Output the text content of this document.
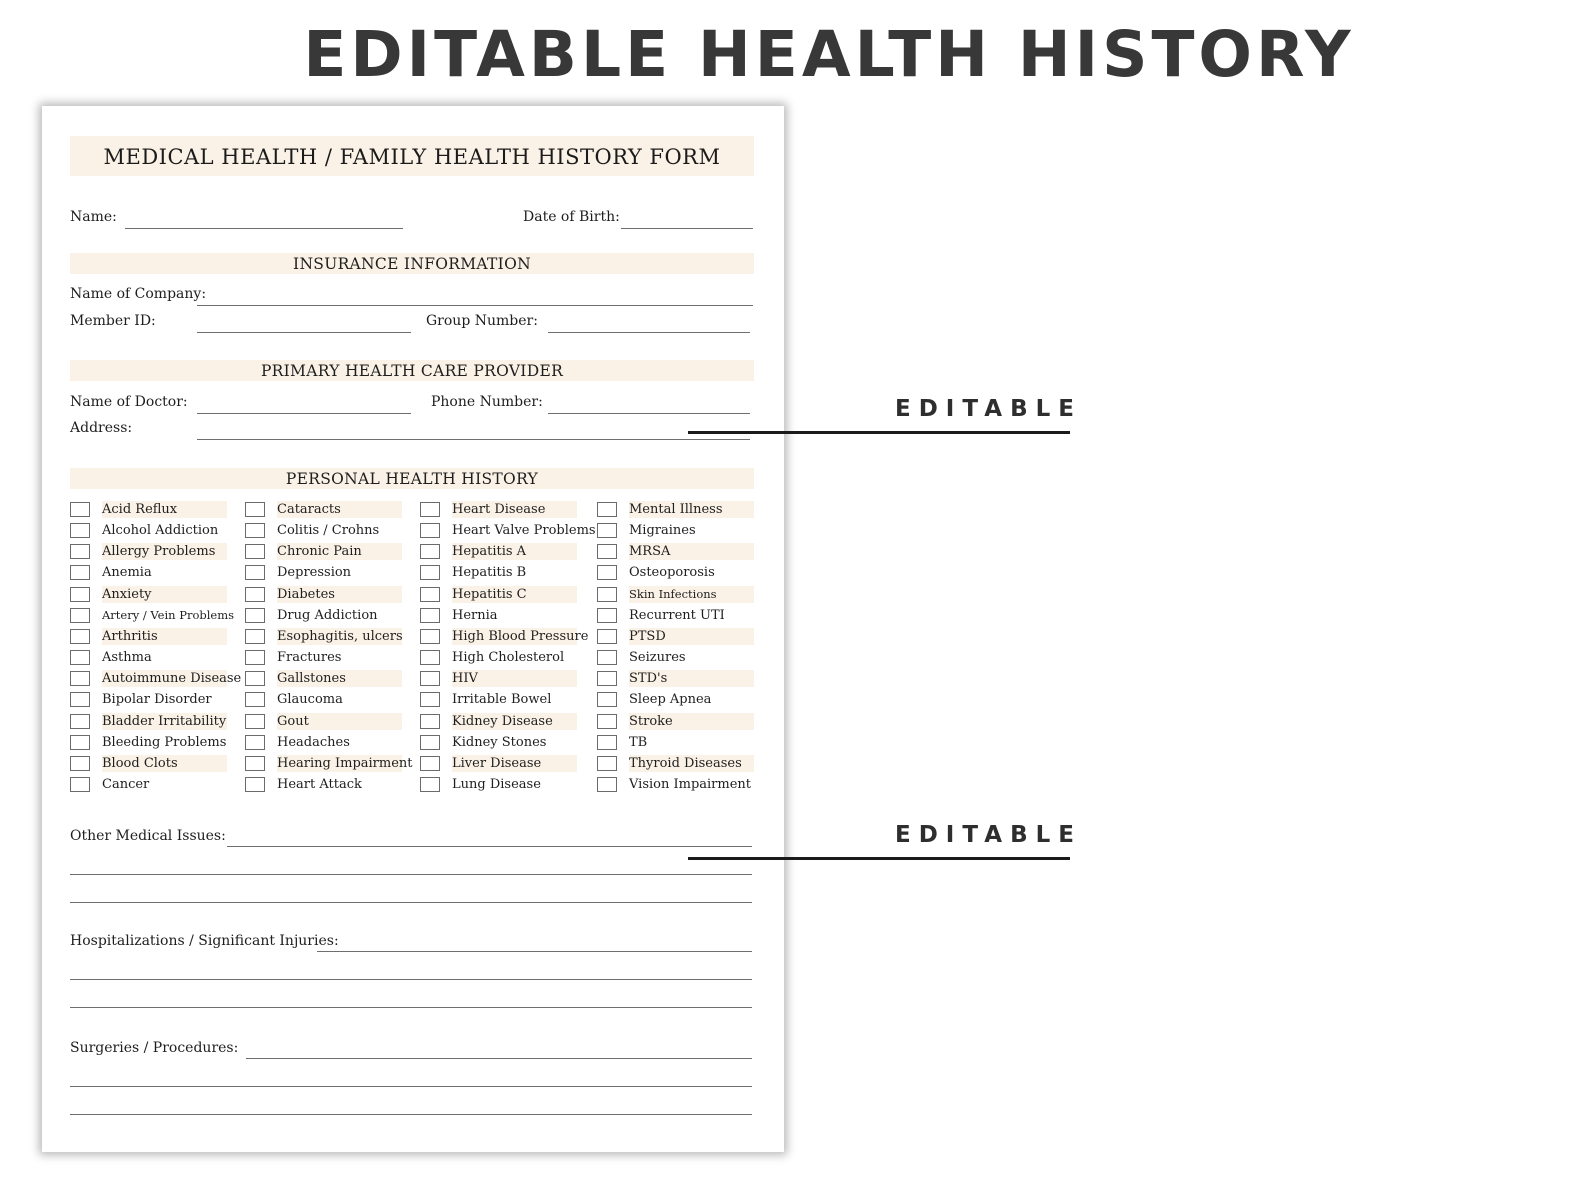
EDITABLE HEALTH HISTORY
MEDICAL HEALTH / FAMILY HEALTH HISTORY FORM
Name:	Date of Birth:
INSURANCE INFORMATION
Name of Company:
Member ID:	Group Number:
PRIMARY HEALTH CARE PROVIDER
Name of Doctor:	Phone Number:
Address:
PERSONAL HEALTH HISTORY
Acid Reflux
Alcohol Addiction
Allergy Problems
Anemia
Anxiety
Artery / Vein Problems
Arthritis
Asthma
Autoimmune Disease
Bipolar Disorder
Bladder Irritability
Bleeding Problems
Blood Clots
Cancer
Cataracts
Colitis / Crohns
Chronic Pain
Depression
Diabetes
Drug Addiction
Esophagitis, ulcers
Fractures
Gallstones
Glaucoma
Gout
Headaches
Hearing Impairment
Heart Attack
Heart Disease
Heart Valve Problems
Hepatitis A
Hepatitis B
Hepatitis C
Hernia
High Blood Pressure
High Cholesterol
HIV
Irritable Bowel
Kidney Disease
Kidney Stones
Liver Disease
Lung Disease
Mental Illness
Migraines
MRSA
Osteoporosis
Skin Infections
Recurrent UTI
PTSD
Seizures
STD's
Sleep Apnea
Stroke
TB
Thyroid Diseases
Vision Impairment
Other Medical Issues:
Hospitalizations / Significant Injuries:
Surgeries / Procedures:
EDITABLE
EDITABLE
